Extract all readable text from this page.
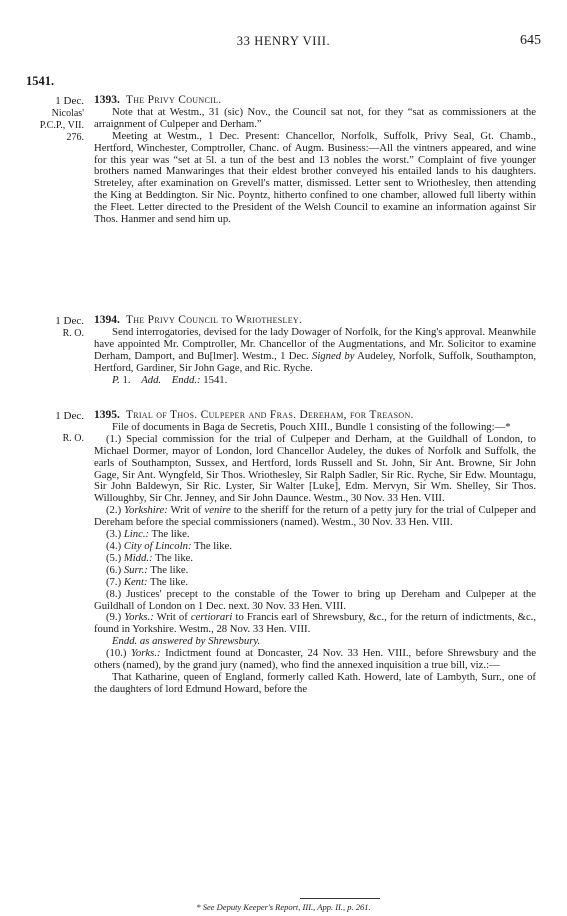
33 HENRY VIII.	645
1541.
1 Dec.
Nicolas'
P.C.P., VII.
276.

1393. The Privy Council.

Note that at Westm., 31 (sic) Nov., the Council sat not, for they “sat as commissioners at the arraignment of Culpeper and Derham.”

Meeting at Westm., 1 Dec. Present: Chancellor, Norfolk, Suffolk, Privy Seal, Gt. Chamb., Hertford, Winchester, Comptroller, Chanc. of Augm. Business:—All the vintners appeared, and wine for this year was “set at 5l. a tun of the best and 13 nobles the worst.” Complaint of five younger brothers named Manwaringes that their eldest brother conveyed his entailed lands to his daughters. Streteley, after examination on Grevell's matter, dismissed. Letter sent to Wriothesley, then attending the King at Beddington. Sir Nic. Poyntz, hitherto confined to one chamber, allowed full liberty within the Fleet. Letter directed to the President of the Welsh Council to examine an information against Sir Thos. Hanmer and send him up.

1 Dec.
R. O.

1394. The Privy Council to Wriothesley.

Send interrogatories, devised for the lady Dowager of Norfolk, for the King's approval. Meanwhile have appointed Mr. Comptroller, Mr. Chancellor of the Augmentations, and Mr. Solicitor to examine Derham, Damport, and Bu[lmer]. Westm., 1 Dec. Signed by Audeley, Norfolk, Suffolk, Southampton, Hertford, Gardiner, Sir John Gage, and Ric. Ryche.

P. 1. Add. Endd.: 1541.

1 Dec.
R. O.

1395. Trial of Thos. Culpeper and Fras. Dereham, for Treason.

File of documents in Baga de Secretis, Pouch XIII., Bundle 1 consisting of the following:—*

(1.) Special commission for the trial of Culpeper and Derham, at the Guildhall of London, to Michael Dormer, mayor of London, lord Chancellor Audeley, the dukes of Norfolk and Suffolk, the earls of Southampton, Sussex, and Hertford, lords Russell and St. John, Sir Ant. Browne, Sir John Gage, Sir Ant. Wyngfeld, Sir Thos. Wriothesley, Sir Ralph Sadler, Sir Ric. Ryche, Sir Edw. Mountagu, Sir John Baldewyn, Sir Ric. Lyster, Sir Walter [Luke], Edm. Mervyn, Sir Wm. Shelley, Sir Thos. Willoughby, Sir Chr. Jenney, and Sir John Daunce. Westm., 30 Nov. 33 Hen. VIII.

(2.) Yorkshire: Writ of venire to the sheriff for the return of a petty jury for the trial of Culpeper and Dereham before the special commissioners (named). Westm., 30 Nov. 33 Hen. VIII.

(3.) Linc.: The like.

(4.) City of Lincoln: The like.

(5.) Midd.: The like.

(6.) Surr.: The like.

(7.) Kent: The like.

(8.) Justices' precept to the constable of the Tower to bring up Dereham and Culpeper at the Guildhall of London on 1 Dec. next. 30 Nov. 33 Hen. VIII.

(9.) Yorks.: Writ of certiorari to Francis earl of Shrewsbury, &c., for the return of indictments, &c., found in Yorkshire. Westm., 28 Nov. 33 Hen. VIII.

Endd. as answered by Shrewsbury.

(10.) Yorks.: Indictment found at Doncaster, 24 Nov. 33 Hen. VIII., before Shrewsbury and the others (named), by the grand jury (named), who find the annexed inquisition a true bill, viz.:—

That Katharine, queen of England, formerly called Kath. Howerd, late of Lambyth, Surr., one of the daughters of lord Edmund Howard, before the

* See Deputy Keeper's Report, III., App. II., p. 261.
